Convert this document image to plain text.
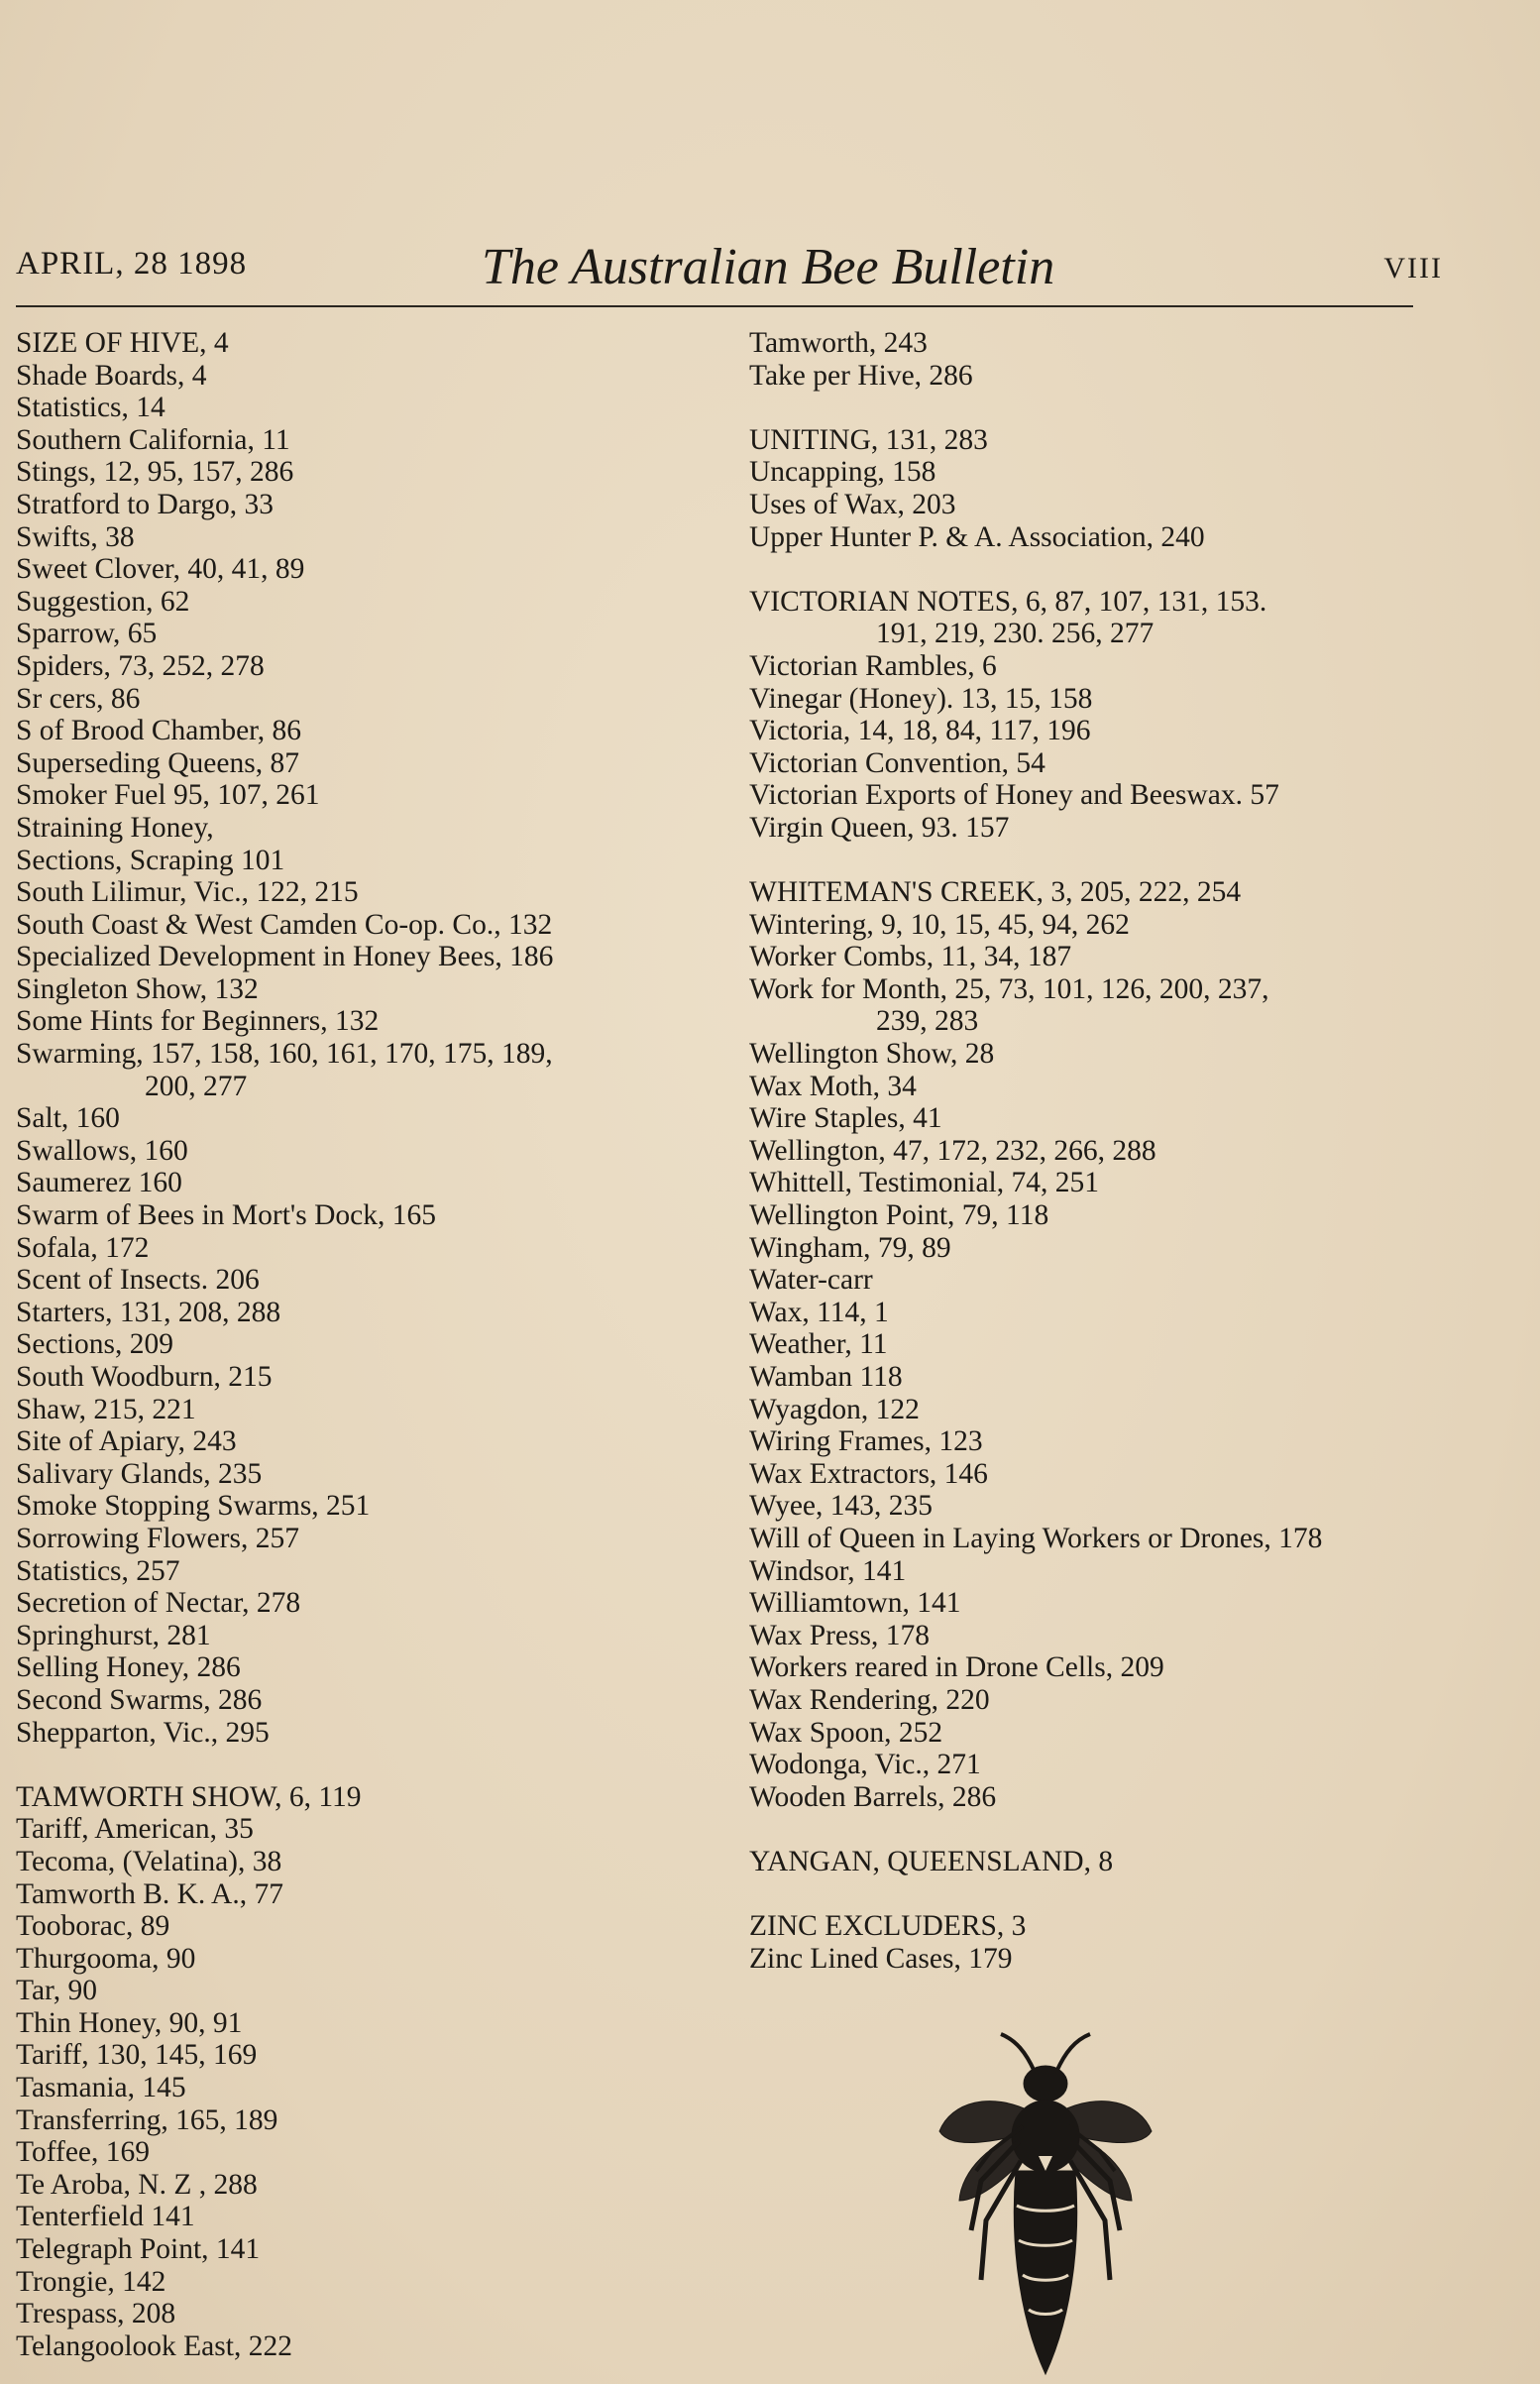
APRIL, 28 1898	The Australian Bee Bulletin	VIII
SIZE OF HIVE, 4
Shade Boards, 4
Statistics, 14
Southern California, 11
Stings, 12, 95, 157, 286
Stratford to Dargo, 33
Swifts, 38
Sweet Clover, 40, 41, 89
Suggestion, 62
Sparrow, 65
Spiders, 73, 252, 278
Sr cers, 86
S of Brood Chamber, 86
Superseding Queens, 87
Smoker Fuel 95, 107, 261
Straining Honey,
Sections, Scraping 101
South Lilimur, Vic., 122, 215
South Coast & West Camden Co-op. Co., 132
Specialized Development in Honey Bees, 186
Singleton Show, 132
Some Hints for Beginners, 132
Swarming, 157, 158, 160, 161, 170, 175, 189,
200, 277
Salt, 160
Swallows, 160
Saumerez 160
Swarm of Bees in Mort's Dock, 165
Sofala, 172
Scent of Insects. 206
Starters, 131, 208, 288
Sections, 209
South Woodburn, 215
Shaw, 215, 221
Site of Apiary, 243
Salivary Glands, 235
Smoke Stopping Swarms, 251
Sorrowing Flowers, 257
Statistics, 257
Secretion of Nectar, 278
Springhurst, 281
Selling Honey, 286
Second Swarms, 286
Shepparton, Vic., 295
TAMWORTH SHOW, 6, 119
Tariff, American, 35
Tecoma, (Velatina), 38
Tamworth B. K. A., 77
Tooborac, 89
Thurgooma, 90
Tar, 90
Thin Honey, 90, 91
Tariff, 130, 145, 169
Tasmania, 145
Transferring, 165, 189
Toffee, 169
Te Aroba, N. Z , 288
Tenterfield 141
Telegraph Point, 141
Trongie, 142
Trespass, 208
Telangoolook East, 222
Tamworth, 243
Take per Hive, 286
UNITING, 131, 283
Uncapping, 158
Uses of Wax, 203
Upper Hunter P. & A. Association, 240
VICTORIAN NOTES, 6, 87, 107, 131, 153.
191, 219, 230. 256, 277
Victorian Rambles, 6
Vinegar (Honey). 13, 15, 158
Victoria, 14, 18, 84, 117, 196
Victorian Convention, 54
Victorian Exports of Honey and Beeswax. 57
Virgin Queen, 93. 157
WHITEMAN'S CREEK, 3, 205, 222, 254
Wintering, 9, 10, 15, 45, 94, 262
Worker Combs, 11, 34, 187
Work for Month, 25, 73, 101, 126, 200, 237,
239, 283
Wellington Show, 28
Wax Moth, 34
Wire Staples, 41
Wellington, 47, 172, 232, 266, 288
Whittell, Testimonial, 74, 251
Wellington Point, 79, 118
Wingham, 79, 89
Water-carr
Wax, 114, 1
Weather, 11
Wamban 118
Wyagdon, 122
Wiring Frames, 123
Wax Extractors, 146
Wyee, 143, 235
Will of Queen in Laying Workers or Drones, 178
Windsor, 141
Williamtown, 141
Wax Press, 178
Workers reared in Drone Cells, 209
Wax Rendering, 220
Wax Spoon, 252
Wodonga, Vic., 271
Wooden Barrels, 286
YANGAN, QUEENSLAND, 8
ZINC EXCLUDERS, 3
Zinc Lined Cases, 179
